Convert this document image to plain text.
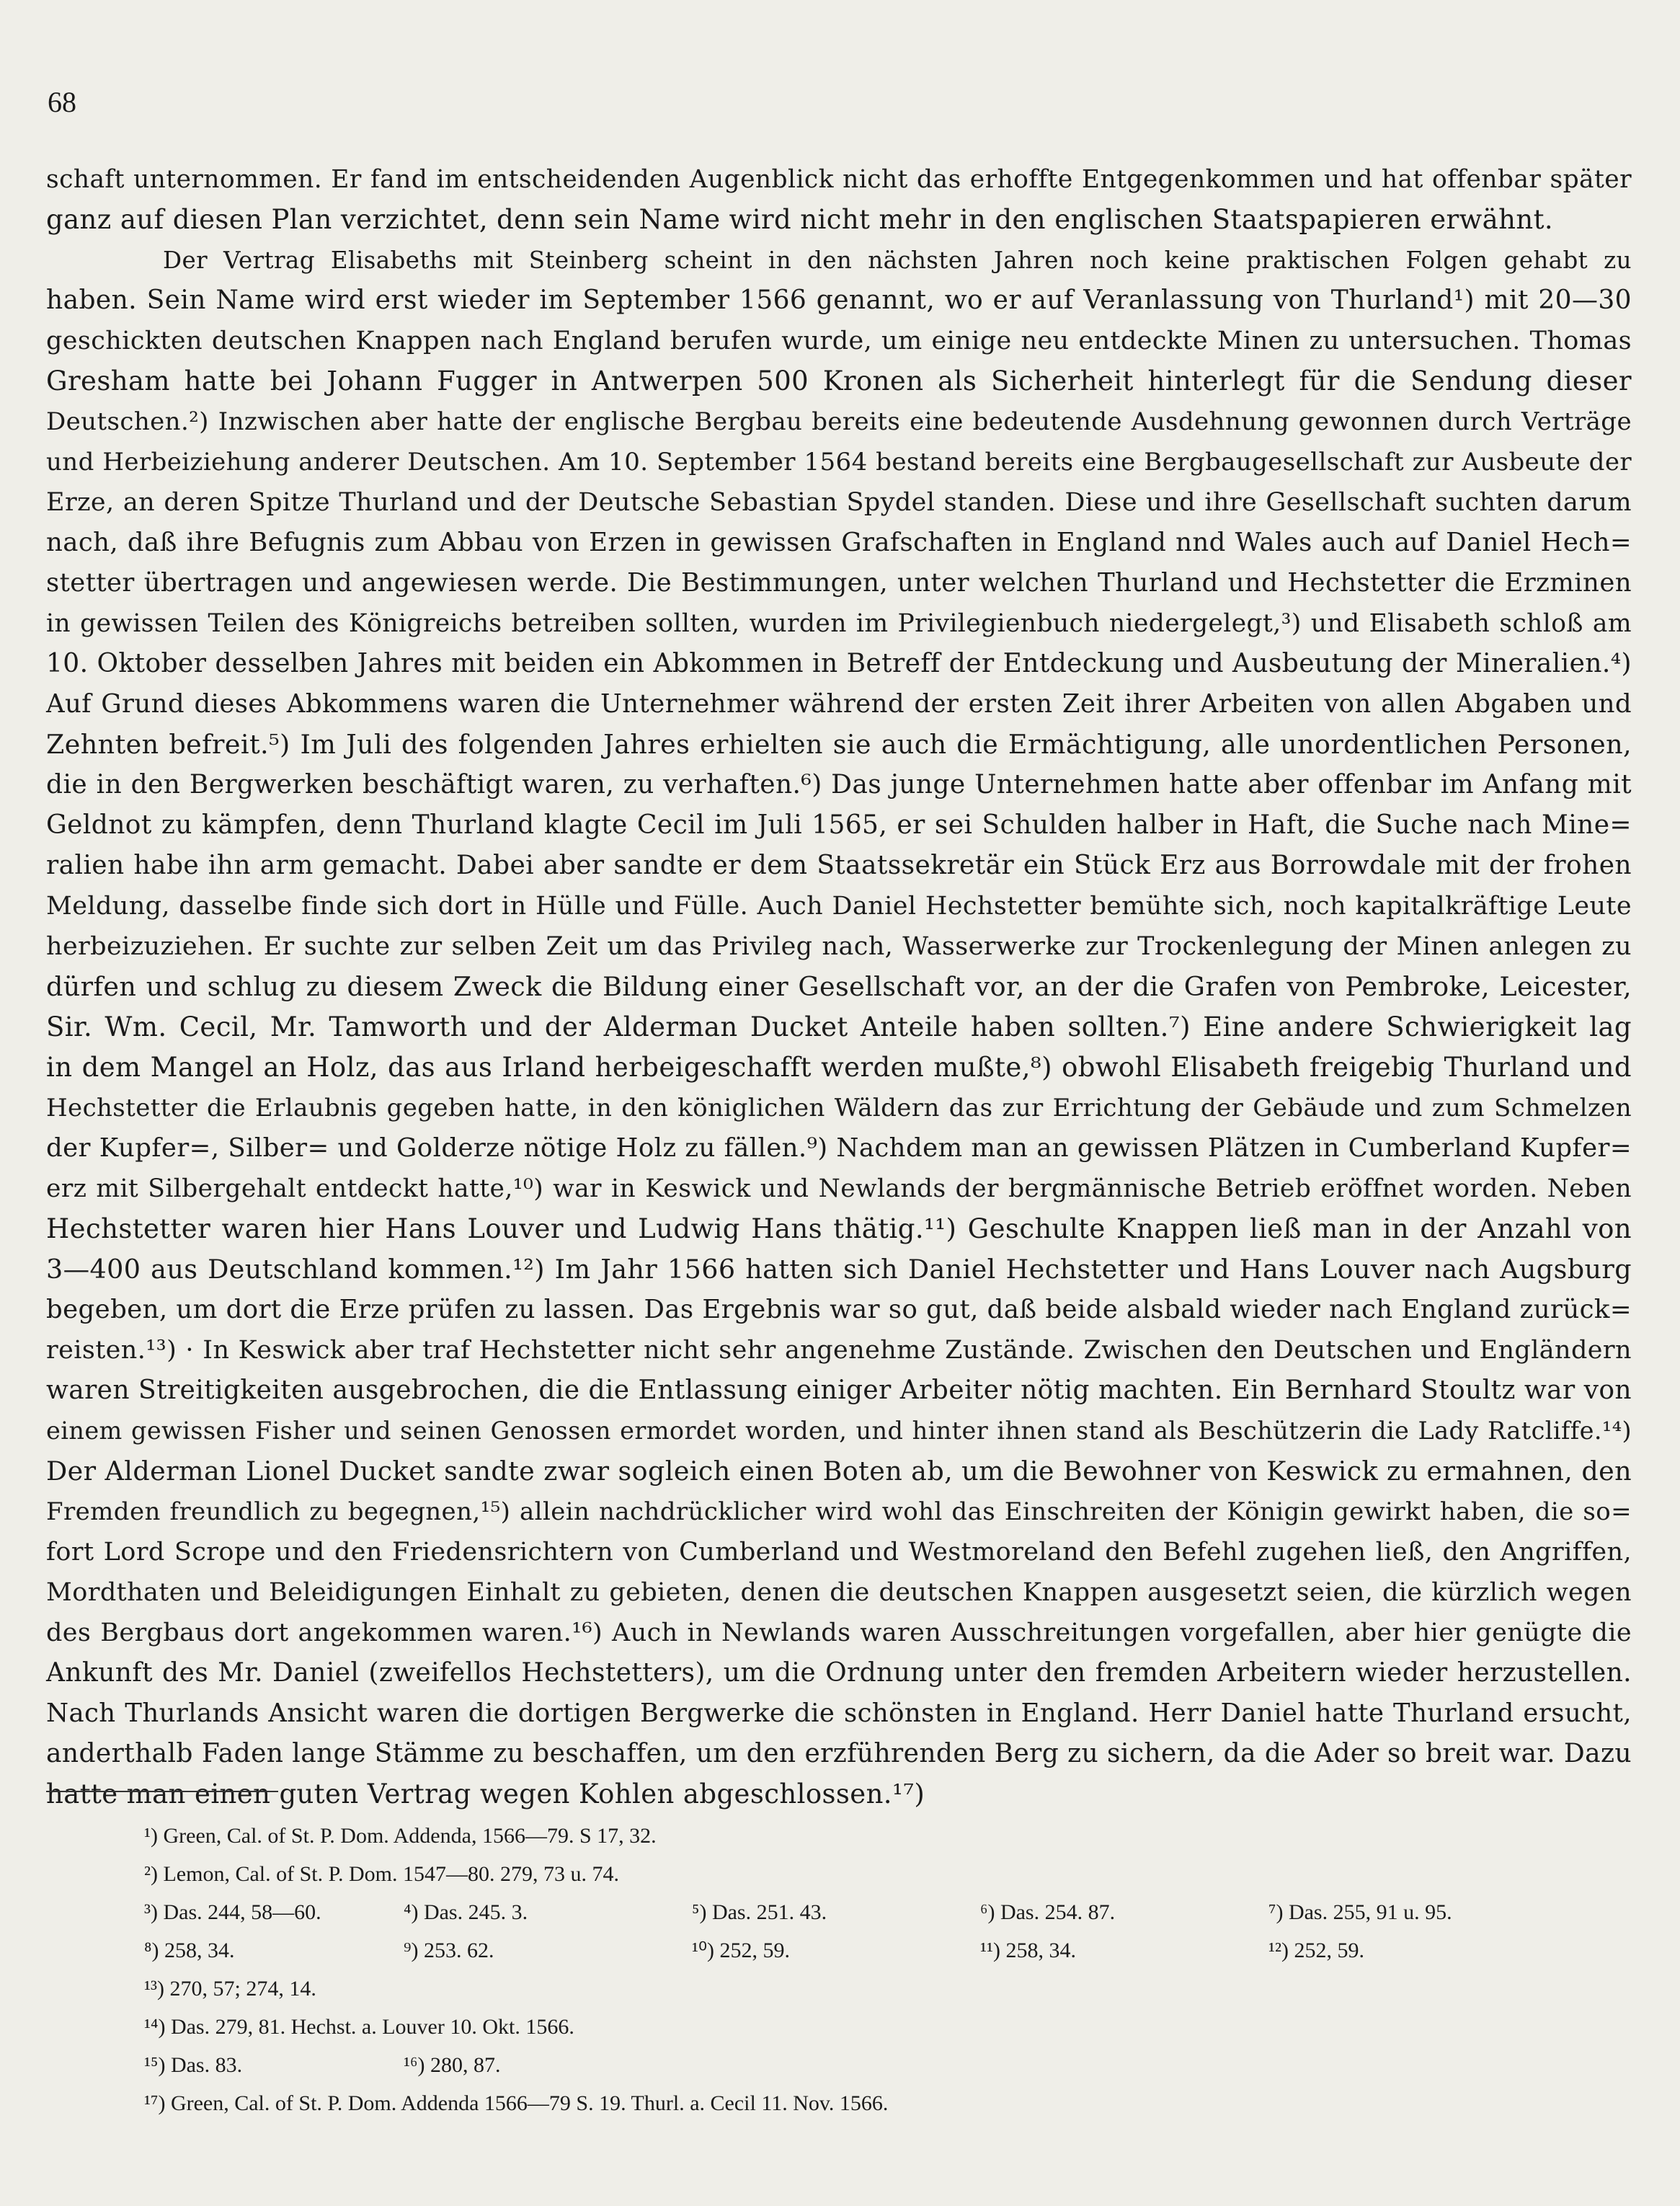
68

schaft unternommen. Er fand im entscheidenden Augenblick nicht das erhoffte Entgegenkommen und hat offenbar später
ganz auf diesen Plan verzichtet, denn sein Name wird nicht mehr in den englischen Staatspapieren erwähnt.
Der Vertrag Elisabeths mit Steinberg scheint in den nächsten Jahren noch keine praktischen Folgen gehabt zu
haben. Sein Name wird erst wieder im September 1566 genannt, wo er auf Veranlassung von Thurland¹) mit 20—30
geschickten deutschen Knappen nach England berufen wurde, um einige neu entdeckte Minen zu untersuchen. Thomas
Gresham hatte bei Johann Fugger in Antwerpen 500 Kronen als Sicherheit hinterlegt für die Sendung dieser
Deutschen.²) Inzwischen aber hatte der englische Bergbau bereits eine bedeutende Ausdehnung gewonnen durch Verträge
und Herbeiziehung anderer Deutschen. Am 10. September 1564 bestand bereits eine Bergbaugesellschaft zur Ausbeute der
Erze, an deren Spitze Thurland und der Deutsche Sebastian Spydel standen. Diese und ihre Gesellschaft suchten darum
nach, daß ihre Befugnis zum Abbau von Erzen in gewissen Grafschaften in England nnd Wales auch auf Daniel Hech=
stetter übertragen und angewiesen werde. Die Bestimmungen, unter welchen Thurland und Hechstetter die Erzminen
in gewissen Teilen des Königreichs betreiben sollten, wurden im Privilegienbuch niedergelegt,³) und Elisabeth schloß am
10. Oktober desselben Jahres mit beiden ein Abkommen in Betreff der Entdeckung und Ausbeutung der Mineralien.⁴)
Auf Grund dieses Abkommens waren die Unternehmer während der ersten Zeit ihrer Arbeiten von allen Abgaben und
Zehnten befreit.⁵) Im Juli des folgenden Jahres erhielten sie auch die Ermächtigung, alle unordentlichen Personen,
die in den Bergwerken beschäftigt waren, zu verhaften.⁶) Das junge Unternehmen hatte aber offenbar im Anfang mit
Geldnot zu kämpfen, denn Thurland klagte Cecil im Juli 1565, er sei Schulden halber in Haft, die Suche nach Mine=
ralien habe ihn arm gemacht. Dabei aber sandte er dem Staatssekretär ein Stück Erz aus Borrowdale mit der frohen
Meldung, dasselbe finde sich dort in Hülle und Fülle. Auch Daniel Hechstetter bemühte sich, noch kapitalkräftige Leute
herbeizuziehen. Er suchte zur selben Zeit um das Privileg nach, Wasserwerke zur Trockenlegung der Minen anlegen zu
dürfen und schlug zu diesem Zweck die Bildung einer Gesellschaft vor, an der die Grafen von Pembroke, Leicester,
Sir. Wm. Cecil, Mr. Tamworth und der Alderman Ducket Anteile haben sollten.⁷) Eine andere Schwierigkeit lag
in dem Mangel an Holz, das aus Irland herbeigeschafft werden mußte,⁸) obwohl Elisabeth freigebig Thurland und
Hechstetter die Erlaubnis gegeben hatte, in den königlichen Wäldern das zur Errichtung der Gebäude und zum Schmelzen
der Kupfer=, Silber= und Golderze nötige Holz zu fällen.⁹) Nachdem man an gewissen Plätzen in Cumberland Kupfer=
erz mit Silbergehalt entdeckt hatte,¹⁰) war in Keswick und Newlands der bergmännische Betrieb eröffnet worden. Neben
Hechstetter waren hier Hans Louver und Ludwig Hans thätig.¹¹) Geschulte Knappen ließ man in der Anzahl von
3—400 aus Deutschland kommen.¹²) Im Jahr 1566 hatten sich Daniel Hechstetter und Hans Louver nach Augsburg
begeben, um dort die Erze prüfen zu lassen. Das Ergebnis war so gut, daß beide alsbald wieder nach England zurück=
reisten.¹³) · In Keswick aber traf Hechstetter nicht sehr angenehme Zustände. Zwischen den Deutschen und Engländern
waren Streitigkeiten ausgebrochen, die die Entlassung einiger Arbeiter nötig machten. Ein Bernhard Stoultz war von
einem gewissen Fisher und seinen Genossen ermordet worden, und hinter ihnen stand als Beschützerin die Lady Ratcliffe.¹⁴)
Der Alderman Lionel Ducket sandte zwar sogleich einen Boten ab, um die Bewohner von Keswick zu ermahnen, den
Fremden freundlich zu begegnen,¹⁵) allein nachdrücklicher wird wohl das Einschreiten der Königin gewirkt haben, die so=
fort Lord Scrope und den Friedensrichtern von Cumberland und Westmoreland den Befehl zugehen ließ, den Angriffen,
Mordthaten und Beleidigungen Einhalt zu gebieten, denen die deutschen Knappen ausgesetzt seien, die kürzlich wegen
des Bergbaus dort angekommen waren.¹⁶) Auch in Newlands waren Ausschreitungen vorgefallen, aber hier genügte die
Ankunft des Mr. Daniel (zweifellos Hechstetters), um die Ordnung unter den fremden Arbeitern wieder herzustellen.
Nach Thurlands Ansicht waren die dortigen Bergwerke die schönsten in England. Herr Daniel hatte Thurland ersucht,
anderthalb Faden lange Stämme zu beschaffen, um den erzführenden Berg zu sichern, da die Ader so breit war. Dazu
hatte man einen guten Vertrag wegen Kohlen abgeschlossen.¹⁷)
¹) Green, Cal. of St. P. Dom. Addenda, 1566—79. S 17, 32.
²) Lemon, Cal. of St. P. Dom. 1547—80. 279, 73 u. 74.
³) Das. 244, 58—60.	⁴) Das. 245. 3.	⁵) Das. 251. 43.	⁶) Das. 254. 87.	⁷) Das. 255, 91 u. 95.
⁸) 258, 34.	⁹) 253. 62.	¹⁰) 252, 59.	¹¹) 258, 34.	¹²) 252, 59.
¹³) 270, 57; 274, 14.
¹⁴) Das. 279, 81. Hechst. a. Louver 10. Okt. 1566.
¹⁵) Das. 83.	¹⁶) 280, 87.
¹⁷) Green, Cal. of St. P. Dom. Addenda 1566—79 S. 19. Thurl. a. Cecil 11. Nov. 1566.
